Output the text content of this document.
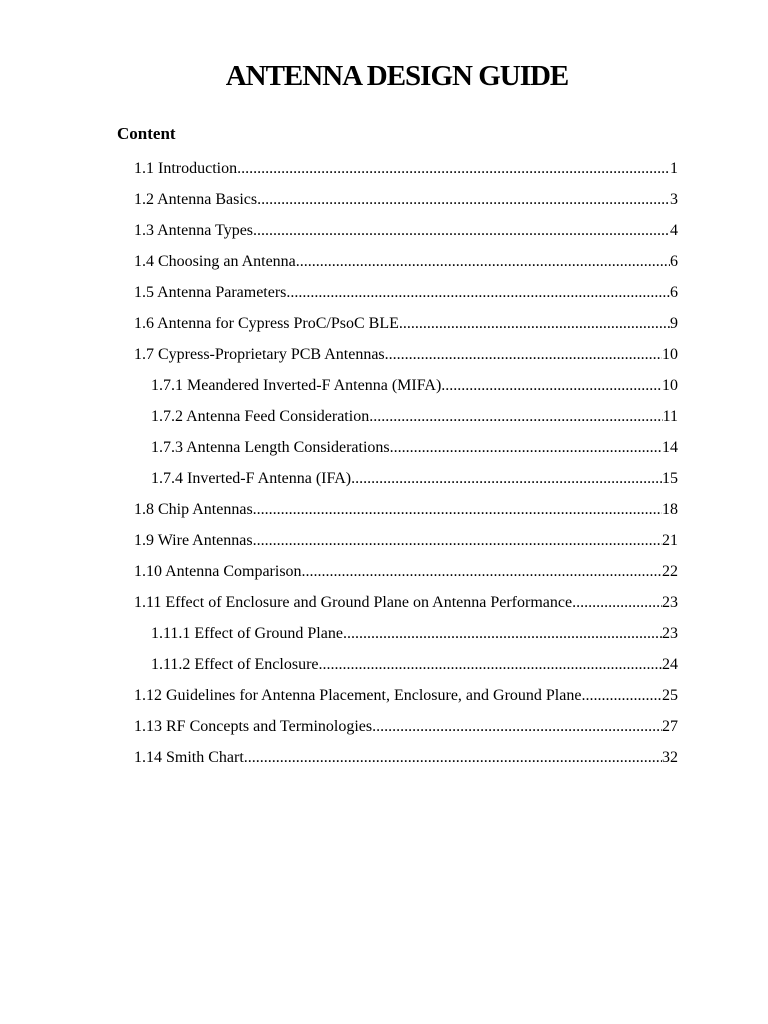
ANTENNA DESIGN GUIDE
Content
1.1 Introduction .....	1
1.2 Antenna Basics .....	3
1.3 Antenna Types .....	4
1.4 Choosing an Antenna .....	6
1.5 Antenna Parameters .....	6
1.6 Antenna for Cypress ProC/PsoC BLE .....	9
1.7 Cypress-Proprietary PCB Antennas .....	10
1.7.1 Meandered Inverted-F Antenna (MIFA) .....	10
1.7.2 Antenna Feed Consideration .....	11
1.7.3 Antenna Length Considerations .....	14
1.7.4 Inverted-F Antenna (IFA) .....	15
1.8 Chip Antennas .....	18
1.9 Wire Antennas .....	21
1.10 Antenna Comparison .....	22
1.11 Effect of Enclosure and Ground Plane on Antenna Performance .....	23
1.11.1 Effect of Ground Plane .....	23
1.11.2 Effect of Enclosure .....	24
1.12 Guidelines for Antenna Placement, Enclosure, and Ground Plane .....	25
1.13 RF Concepts and Terminologies .....	27
1.14 Smith Chart .....	32
